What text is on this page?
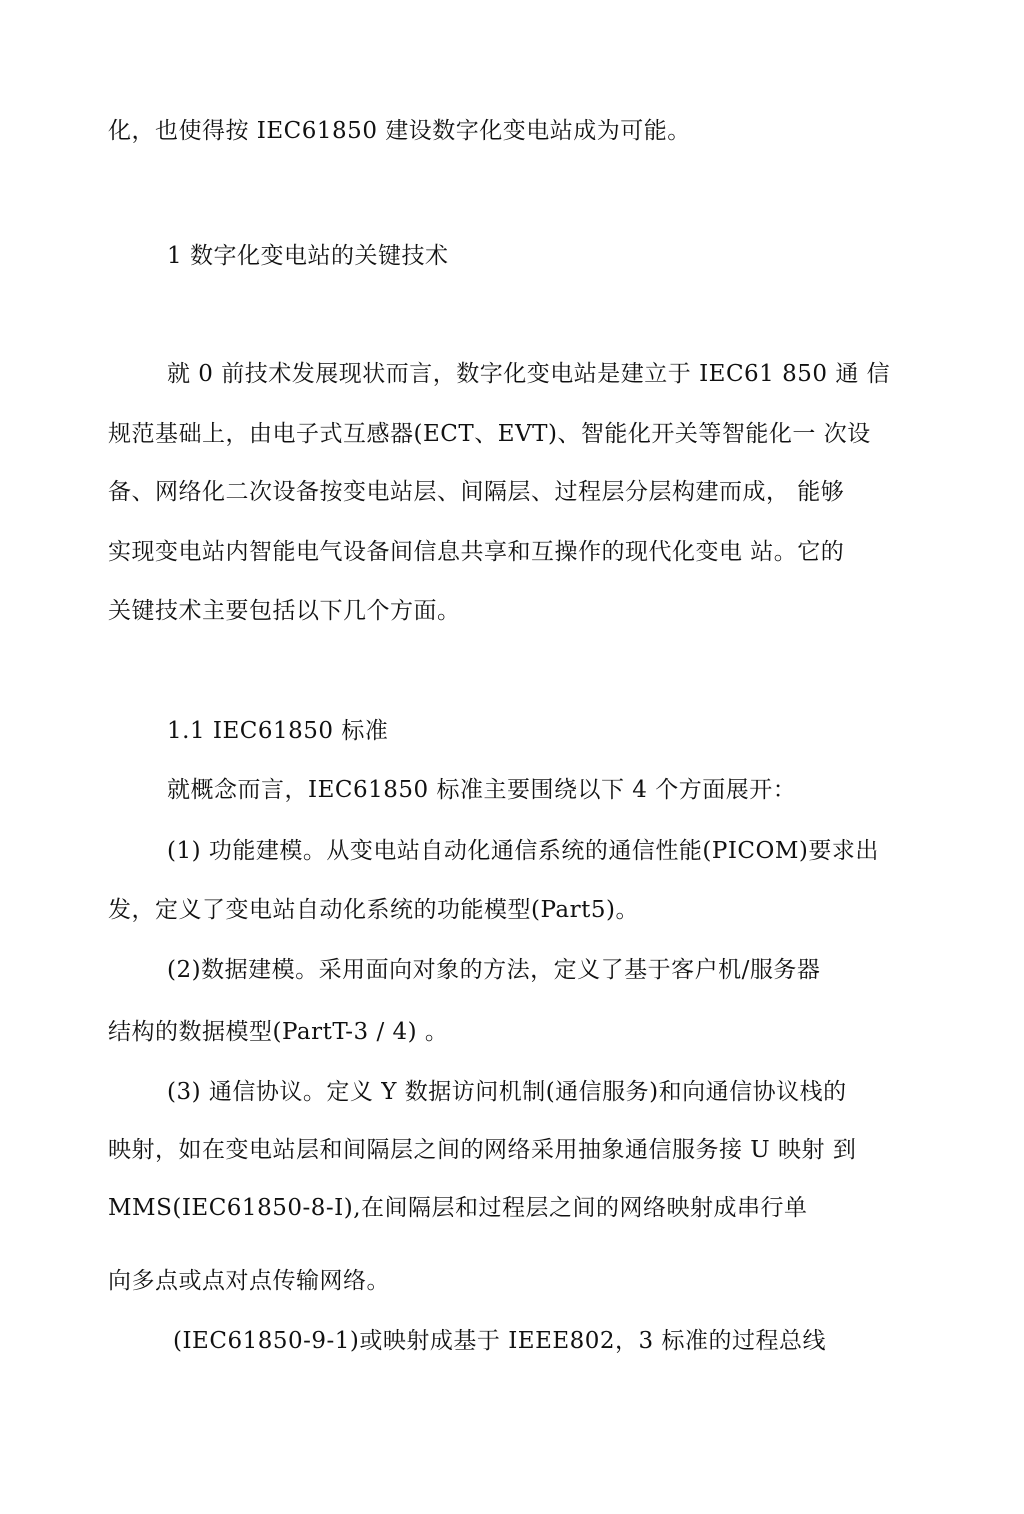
化，也使得按 IEC61850 建设数字化变电站成为可能。
1 数字化变电站的关键技术
就 0 前技术发展现状而言，数字化变电站是建立于 IEC61 850 通 信
规范基础上，由电子式互感器(ECT、EVT)、智能化开关等智能化一 次设
备、网络化二次设备按变电站层、间隔层、过程层分层构建而成， 能够
实现变电站内智能电气设备间信息共享和互操作的现代化变电 站。它的
关键技术主要包括以下几个方面。
1.1 IEC61850 标准
就概念而言，IEC61850 标准主要围绕以下 4 个方面展开：
(1) 功能建模。从变电站自动化通信系统的通信性能(PICOM)要求出
发，定义了变电站自动化系统的功能模型(Part5)。
(2)数据建模。采用面向对象的方法，定义了基于客户机/服务器
结构的数据模型(PartT-3 / 4) 。
(3) 通信协议。定义 Y 数据访问机制(通信服务)和向通信协议栈的
映射，如在变电站层和间隔层之间的网络采用抽象通信服务接 U 映射 到
MMS(IEC61850-8-I),在间隔层和过程层之间的网络映射成串行单
向多点或点对点传输网络。
(IEC61850-9-1)或映射成基于 IEEE802，3 标准的过程总线
